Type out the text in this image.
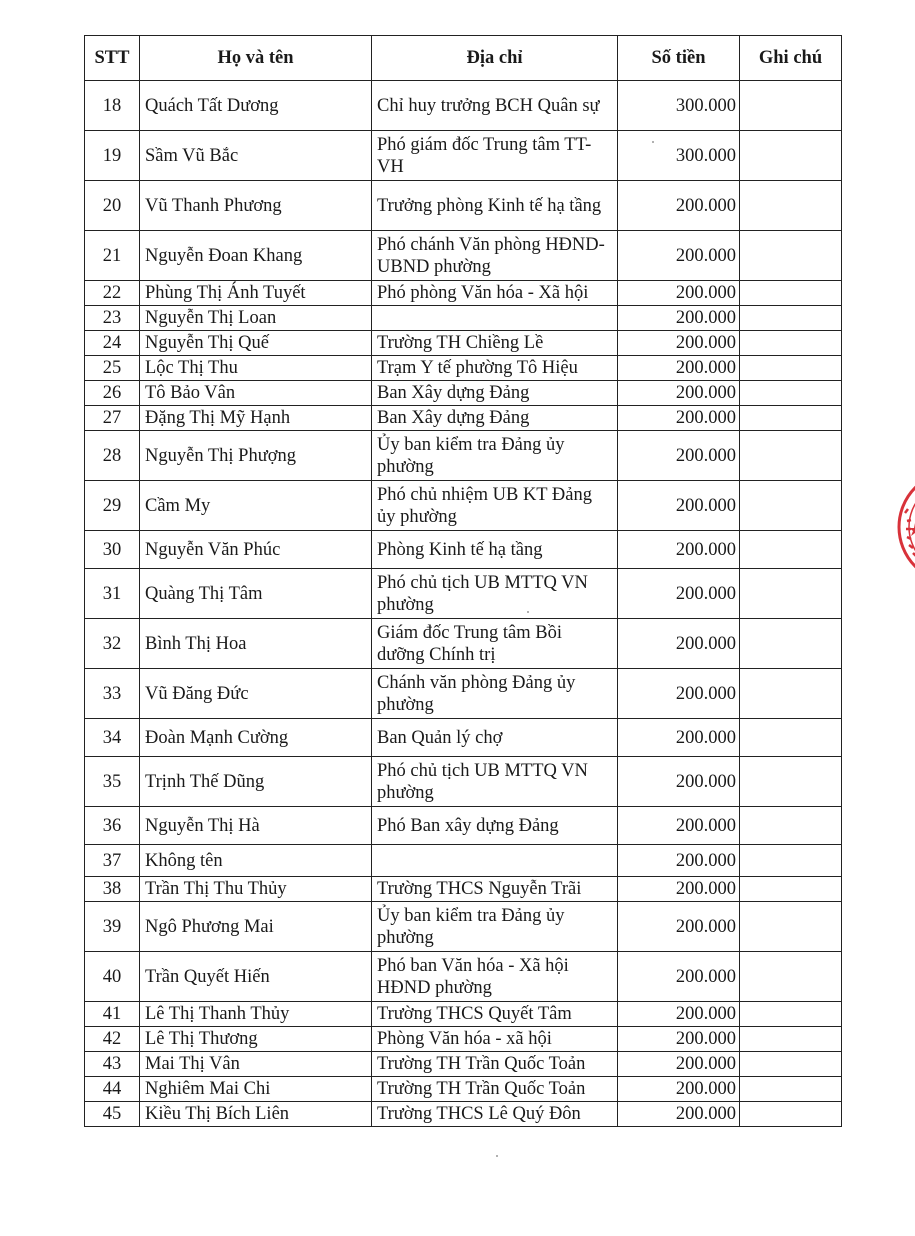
STT	Họ và tên	Địa chỉ	Số tiền	Ghi chú
18	Quách Tất Dương	Chỉ huy trưởng BCH Quân sự	300.000	
19	Sầm Vũ Bắc	Phó giám đốc Trung tâm TT-VH	300.000	
20	Vũ Thanh Phương	Trưởng phòng Kinh tế hạ tầng	200.000	
21	Nguyễn Đoan Khang	Phó chánh Văn phòng HĐND-UBND phường	200.000	
22	Phùng Thị Ánh Tuyết	Phó phòng Văn hóa - Xã hội	200.000	
23	Nguyễn Thị Loan		200.000	
24	Nguyễn Thị Quế	Trường TH Chiềng Lề	200.000	
25	Lộc Thị Thu	Trạm Y tế phường Tô Hiệu	200.000	
26	Tô Bảo Vân	Ban Xây dựng Đảng	200.000	
27	Đặng Thị Mỹ Hạnh	Ban Xây dựng Đảng	200.000	
28	Nguyễn Thị Phượng	Ủy ban kiểm tra Đảng ủy phường	200.000	
29	Cầm My	Phó chủ nhiệm UB KT Đảng ủy phường	200.000	
30	Nguyễn Văn Phúc	Phòng Kinh tế hạ tầng	200.000	
31	Quàng Thị Tâm	Phó chủ tịch UB MTTQ VN phường	200.000	
32	Bình Thị Hoa	Giám đốc Trung tâm Bồi dưỡng Chính trị	200.000	
33	Vũ Đăng Đức	Chánh văn phòng Đảng ủy phường	200.000	
34	Đoàn Mạnh Cường	Ban Quản lý chợ	200.000	
35	Trịnh Thế Dũng	Phó chủ tịch UB MTTQ VN phường	200.000	
36	Nguyễn Thị Hà	Phó Ban xây dựng Đảng	200.000	
37	Không tên		200.000	
38	Trần Thị Thu Thủy	Trường THCS Nguyễn Trãi	200.000	
39	Ngô Phương Mai	Ủy ban kiểm tra Đảng ủy phường	200.000	
40	Trần Quyết Hiến	Phó ban Văn hóa - Xã hội HĐND phường	200.000	
41	Lê Thị Thanh Thủy	Trường THCS Quyết Tâm	200.000	
42	Lê Thị Thương	Phòng Văn hóa - xã hội	200.000	
43	Mai Thị Vân	Trường TH Trần Quốc Toản	200.000	
44	Nghiêm Mai Chi	Trường TH Trần Quốc Toản	200.000	
45	Kiều Thị Bích Liên	Trường THCS Lê Quý Đôn	200.000	
